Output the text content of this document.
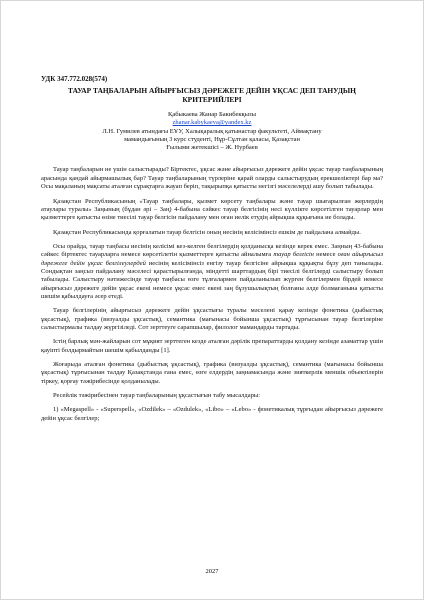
УДК 347.772.028(574)
ТАУАР ТАҢБАЛАРЫН АЙЫРҒЫСЫЗ ДӘРЕЖЕГЕ ДЕЙІН ҰҚСАС ДЕП ТАНУДЫҢ КРИТЕРИЙЛЕРІ
Қабыкаева Жанар Бакибекқызы
zhanar.kabykaeva@yandex.kz
Л.Н. Гумилев атындағы ЕҰУ, Халықаралық қатынастар факультеті, Аймақтану
мамандығының 3 курс студенті, Нұр-Сұлтан қаласы, Қазақстан
Ғылыми жетекшісі – Ж. Нурбаев

Тауар таңбаларын не үшін салыстырады? Біртектес, ұқсас және айырғысыз дәрежеге дейін ұқсас тауар таңбаларының арасында қандай айырмашылық бар? Тауар таңбаларының түрлеріне қарай оларды салыстырудың ерекшеліктері бар ма? Осы мақаланың мақсаты аталған сұрақтарға жауап беріп, тақырыпқа қатысты негізгі мәселелерді ашу болып табылады.

Қазақстан Республикасының «Тауар таңбалары, қызмет көрсету таңбалары және тауар шығарылған жерлердің атаулары туралы» Заңының (бұдан әрі – Заң) 4-бабына сәйкес тауар белгісінің несі күллікте көрсетілген тауарлар мен қызметтерге қатысты өзіне тиесілі тауар белгісін пайдалану мен оған иелік етудің айрықша құқығына ие болады.

Қазақстан Республикасында қорғалатын тауар белгісін оның иесінің келісімінсіз ешкім де пайдалана алмайды.

Осы орайда, тауар таңбасы иесінің келісімі кез-келген белгілердің қолданысқа кезінде керек емес. Заңның 43-бабына сәйкес біртектес тауарларға немесе көрсетілетін қызметтерге қатысты айналымға тауар белгісін немесе оған айырғысыз дәрежеге дейін ұқсас белгілеулердей иесінің келісімінсіз енгізу тауар белгісіне айрықша құқықты бұзу деп танылады. Сондықтан заңсыз пайдалану мәселесі қарастырылғанда, міндетті шарттардың бірі тиесілі белгілерді салыстыру болып табылады. Салыстыру нәтижесінде тауар таңбасы өзге тұлғалармен пайдаланылып жүрген белгілермен бірдей немесе айырғысыз дәрежеге дейін ұқсас екені немесе ұқсас емес екені заң бұзушылықтың болғаны әлде болмағанына қатысты шешім қабылдауға әсер етеді.

Тауар белгілерінің айырғысыз дәрежеге дейін ұқсастығы туралы мәселені қарау кезінде фонетика (дыбыстық ұқсастық), графика (визуалды ұқсастық), семантика (мағынасы бойынша ұқсастық) тұрғысынан тауар белгілеріне салыстырмалы талдау жүргізіледі. Сот зерттеуге сарапшылар, филолог мамандарды тартады.

Істің барлық мән-жайларын сот мұқият зерттеген кезде аталған дәрілік препараттарды қолдану кезінде азаматтар үшін қауіпті болдырмайтын шешім қабылданды [1].

Жоғарыда аталған фонетика (дыбыстық ұқсастық), графика (визуалды ұқсастық), семантика (мағынасы бойынша ұқсастық) тұрғысынан талдау Қазақстанда ғана емес, өзге елдердің заңнамасында және зияткерлік меншік объектілерін тіркеу, қорғау тәжірибесінде қолданылады.

Ресейлік тәжірибесінен тауар таңбаларының ұқсастығын табу мысалдары:

1) «Megaspell» - «Superspell», «Ozdilek» – «Ozdulek», «Libo» – «Lebo» - фонетикалық тұрғыдан айырғысыз дәрежеге дейін ұқсас белгілер;

2027
